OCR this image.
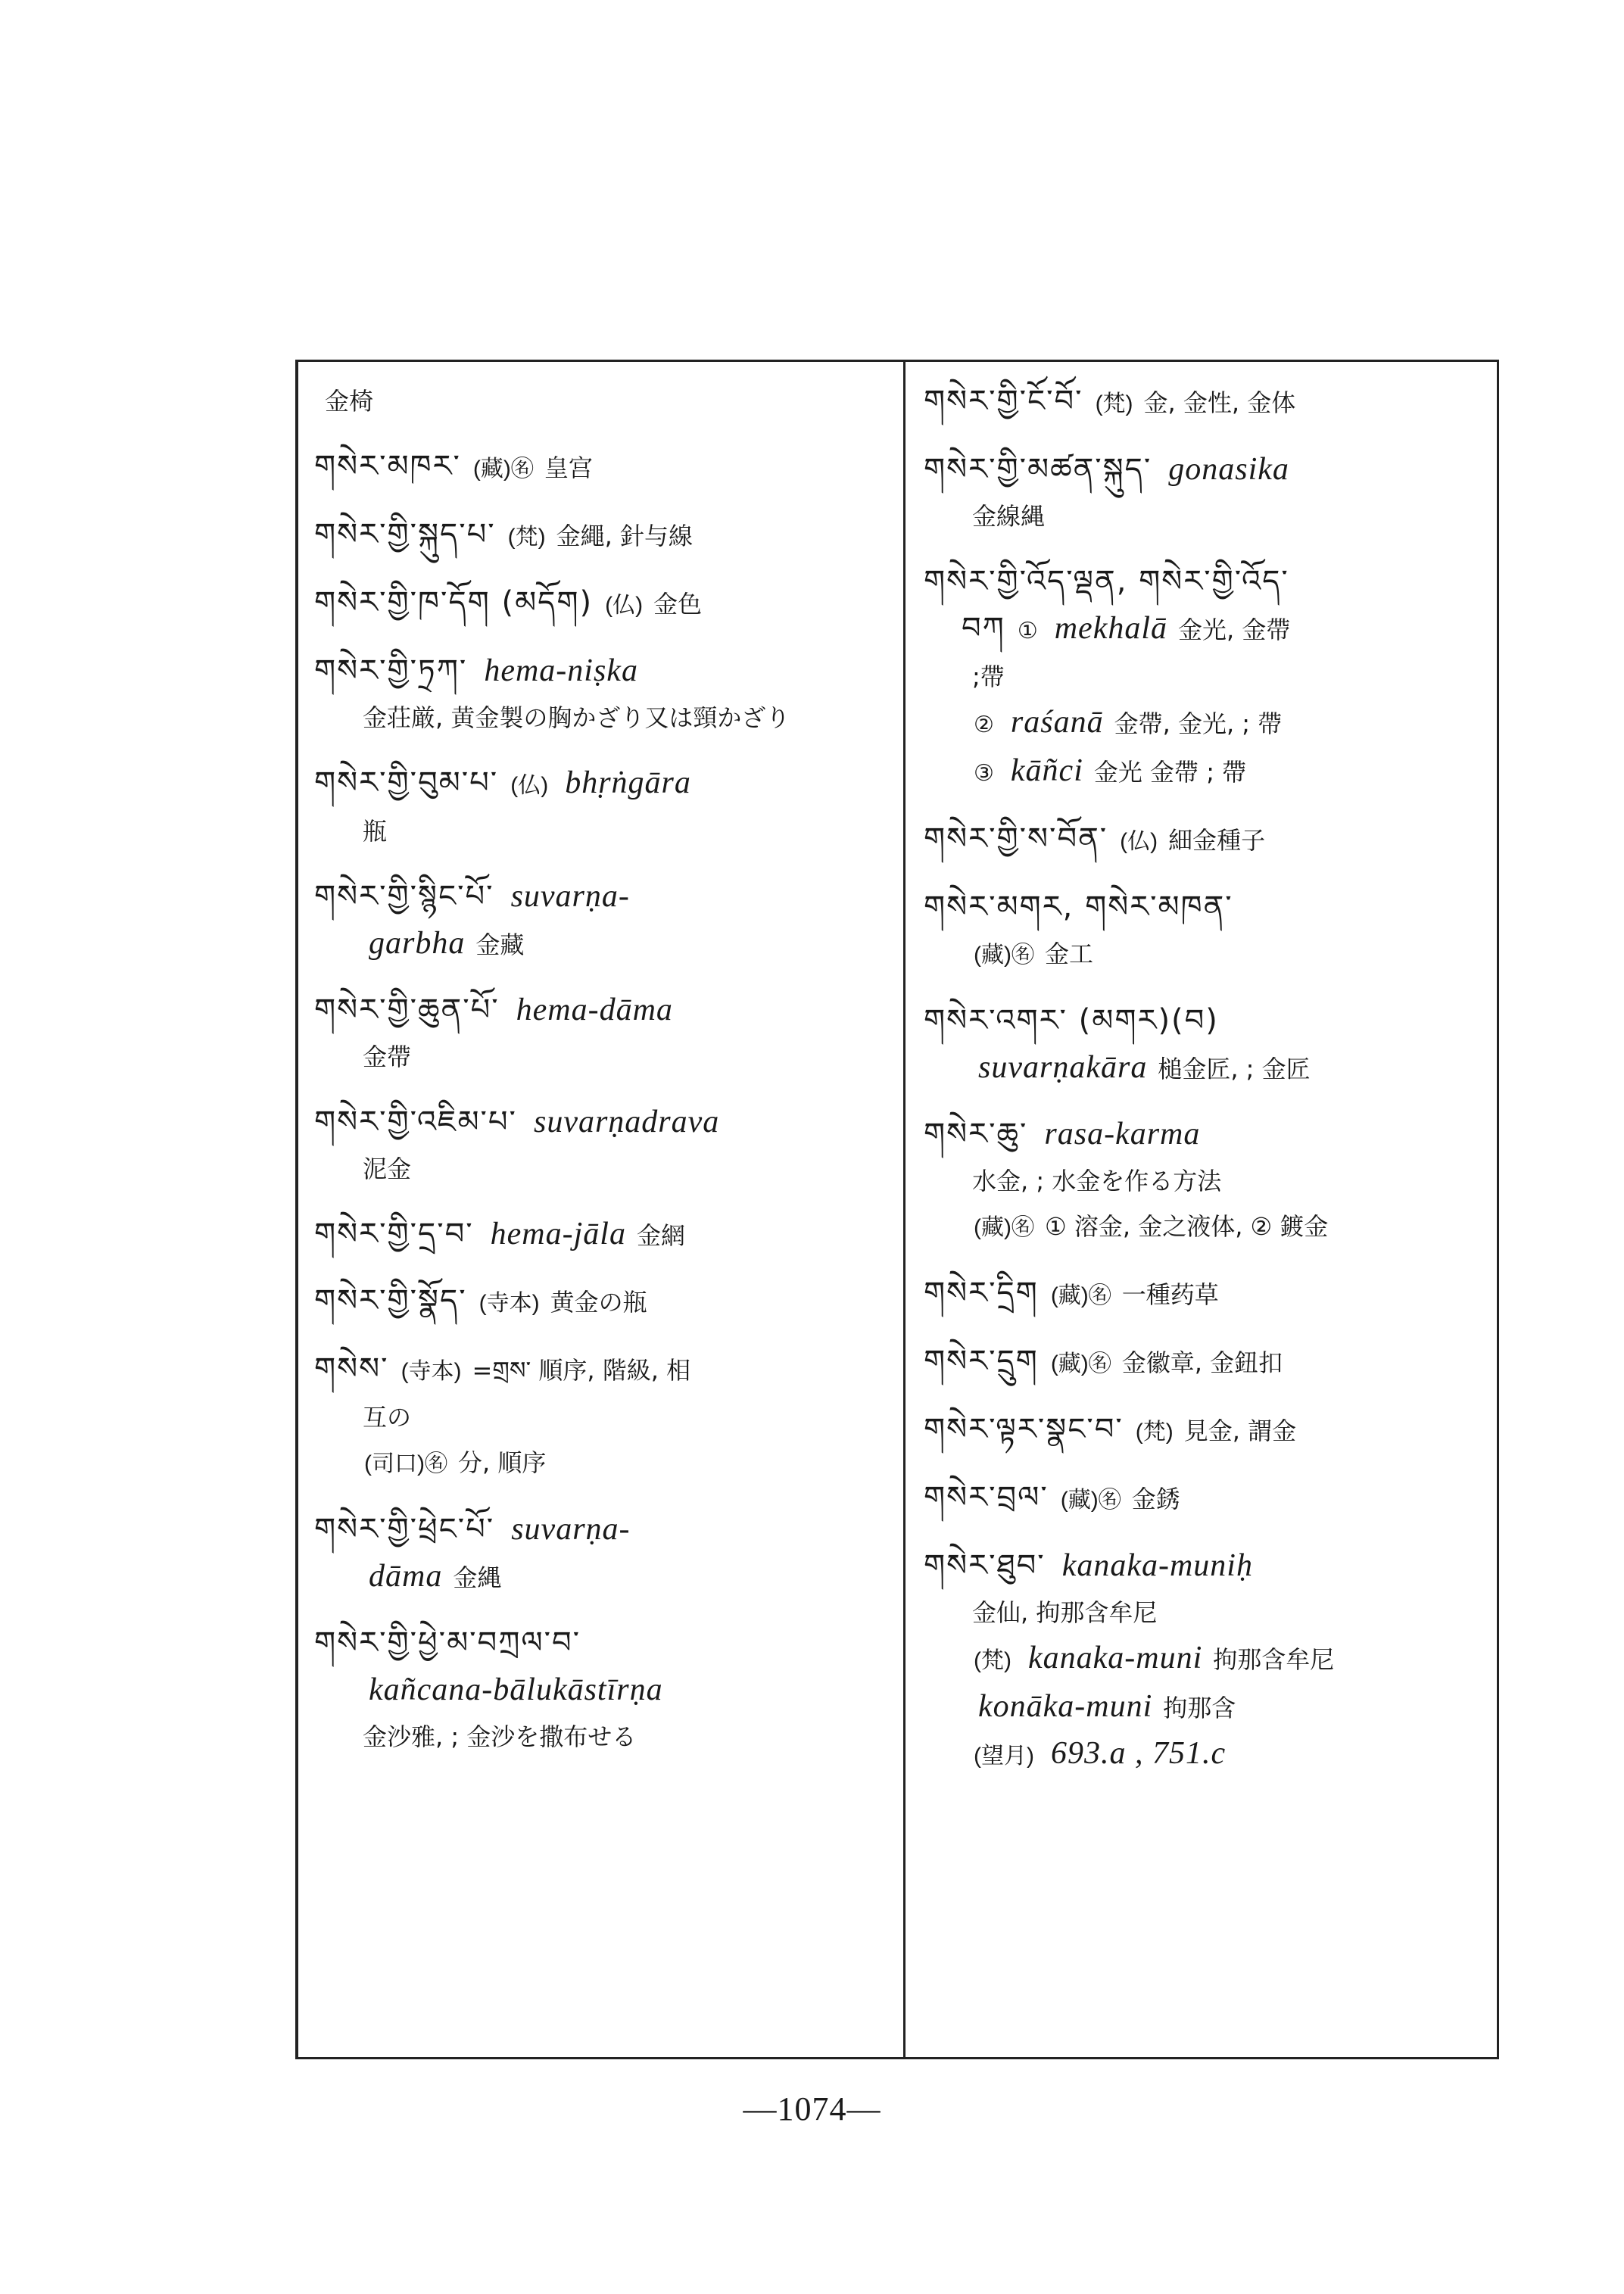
金椅
གསེར་མཁར་ (藏)㊔ 皇宫
གསེར་གྱི་སྐུད་པ་ (梵) 金繩, 針与線
གསེར་གྱི་ཁ་དོག (མདོག) (仏) 金色
གསེར་གྱི་ཏྲཀ་ hema-niṣka
金荘厳, 黄金製の胸かざり又は頸かざり
གསེར་གྱི་བུམ་པ་ (仏) bhṛṅgāra
瓶
གསེར་གྱི་སྙིང་པོ་ suvarṇa-
garbha 金藏
གསེར་གྱི་ཆུན་པོ་ hema-dāma
金帶
གསེར་གྱི་འཇིམ་པ་ suvarṇadrava
泥金
གསེར་གྱི་དྲ་བ་ hema-jāla 金網
གསེར་གྱི་སྣོད་ (寺本) 黄金の瓶
གསེས་ (寺本) =གྲས་ 順序, 階級, 相
互の
(司口)㊔ 分, 順序
གསེར་གྱི་ཕྲེང་པོ་ suvarṇa-
dāma 金縄
གསེར་གྱི་ཕྱེ་མ་བཀྲལ་བ་
kañcana-bālukāstīrṇa
金沙雅, ; 金沙を撒布せる
གསེར་གྱི་ངོ་བོ་ (梵) 金, 金性, 金体
གསེར་གྱི་མཚན་སྐུད་ gonasika
金線縄
གསེར་གྱི་འོད་ལྡན, གསེར་གྱི་འོད་
བཀ ① mekhalā 金光, 金帶
;帶
② raśanā 金帶, 金光, ; 帶
③ kāñci 金光 金帶 ; 帶
གསེར་གྱི་ས་བོན་ (仏) 細金種子
གསེར་མགར, གསེར་མཁན་
(藏)㊔ 金工
གསེར་འགར་ (མགར)(བ)
suvarṇakāra 槌金匠, ; 金匠
གསེར་ཆུ་ rasa-karma
水金, ; 水金を作る方法
(藏)㊔ ① 溶金, 金之液体, ② 鍍金
གསེར་དྲིག (藏)㊔ 一種药草
གསེར་དྲུག (藏)㊔ 金徽章, 金鈕扣
གསེར་ལྟར་སྣང་བ་ (梵) 見金, 謂金
གསེར་བྲལ་ (藏)㊔ 金銹
གསེར་ཐུབ་ kanaka-muniḥ
金仙, 拘那含牟尼
(梵) kanaka-muni 拘那含牟尼
konāka-muni 拘那含
(望月) 693.a , 751.c
—1074—
